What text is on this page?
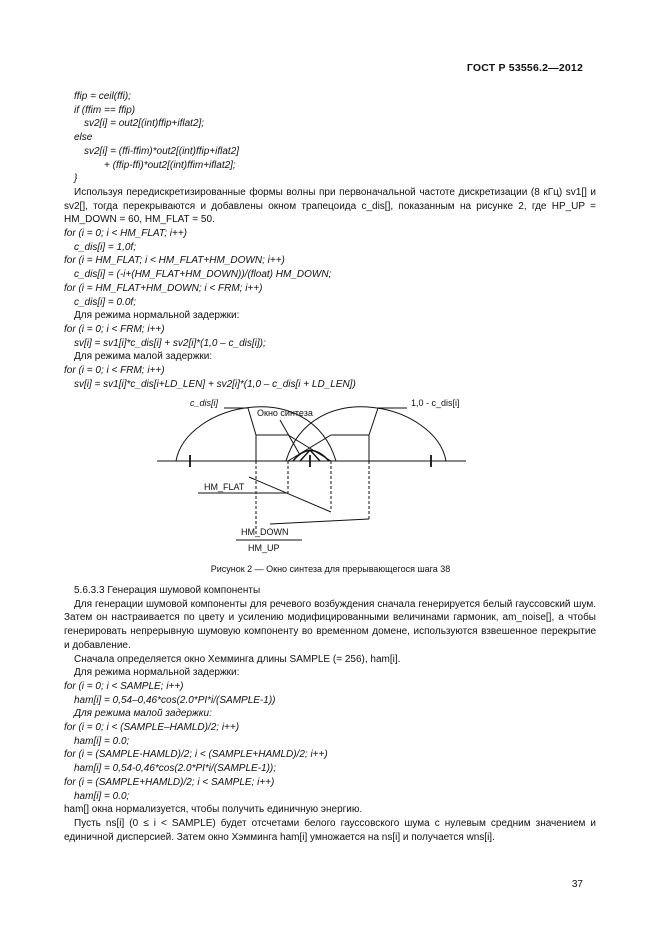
ГОСТ Р 53556.2—2012
ffip = ceil(ffi);
if (ffim == ffip)
sv2[i] = out2[(int)ffip+iflat2];
else
sv2[i] = (ffi-ffim)*out2[(int)ffip+iflat2]
+ (ffip-ffi)*out2[(int)ffim+iflat2];
}
Используя передискретизированные формы волны при первоначальной частоте дискретизации (8 кГц) sv1[] и sv2[], тогда перекрываются и добавлены окном трапецоида c_dis[], показанным на рисунке 2, где HP_UP = HM_DOWN = 60, HM_FLAT = 50.
for (i = 0; i < HM_FLAT; i++)
c_dis[i] = 1,0f;
for (i = HM_FLAT; i < HM_FLAT+HM_DOWN; i++)
c_dis[i] = (-i+(HM_FLAT+HM_DOWN))/(float) HM_DOWN;
for (i = HM_FLAT+HM_DOWN; i < FRM; i++)
c_dis[i] = 0.0f;
Для режима нормальной задержки:
for (i = 0; i < FRM; i++)
sv[i] = sv1[i]*c_dis[i] + sv2[i]*(1,0 – c_dis[i]);
Для режима малой задержки:
for (i = 0; i < FRM; i++)
sv[i] = sv1[i]*c_dis[i+LD_LEN] + sv2[i]*(1,0 – c_dis[i + LD_LEN])
c_dis[i]
Окно синтеза
1,0 - c_dis[i]
HM_FLAT
HM_DOWN
HM_UP
Рисунок 2 — Окно синтеза для прерывающегося шага 38
5.6.3.3 Генерация шумовой компоненты
Для генерации шумовой компоненты для речевого возбуждения сначала генерируется белый гауссовский шум. Затем он настраивается по цвету и усилению модифицированными величинами гармоник, am_noise[], а чтобы генерировать непрерывную шумовую компоненту во временном домене, используются взвешенное перекрытие и добавление.
Сначала определяется окно Хемминга длины SAMPLE (= 256), ham[i].
Для режима нормальной задержки:
for (i = 0; i < SAMPLE; i++)
ham[i] = 0,54–0,46*cos(2.0*PI*i/(SAMPLE-1))
Для режима малой задержки:
for (i = 0; i < (SAMPLE–HAMLD)/2; i++)
ham[i] = 0.0;
for (i = (SAMPLE-HAMLD)/2; i < (SAMPLE+HAMLD)/2; i++)
ham[i] = 0,54-0,46*cos(2.0*PI*i/(SAMPLE-1));
for (i = (SAMPLE+HAMLD)/2; i < SAMPLE; i++)
ham[i] = 0.0;
ham[] окна нормализуется, чтобы получить единичную энергию.
Пусть ns[i] (0 ≤ i < SAMPLE) будет отсчетами белого гауссовского шума с нулевым средним значением и единичной дисперсией. Затем окно Хэмминга ham[i] умножается на ns[i] и получается wns[i].
37
